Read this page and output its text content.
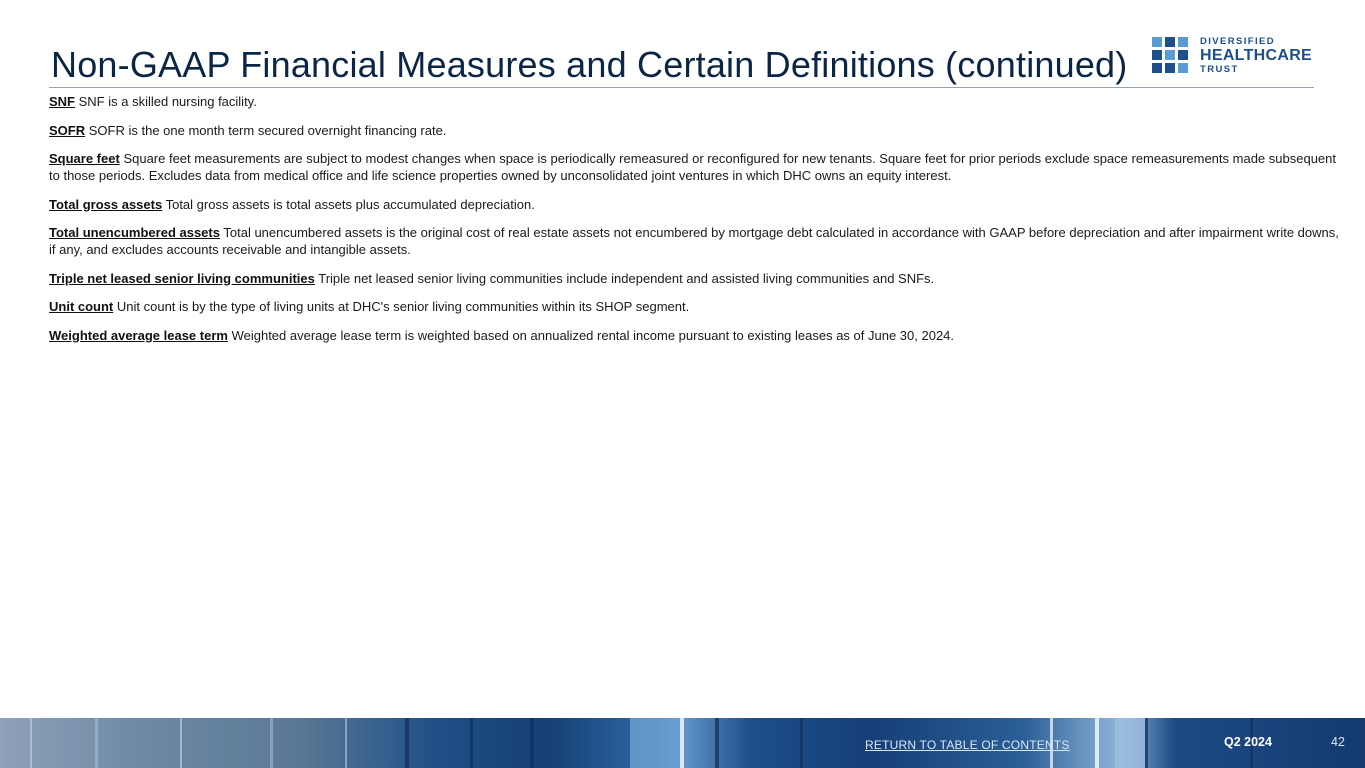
Non-GAAP Financial Measures and Certain Definitions (continued)
DIVERSIFIED
HEALTHCARE
TRUST

SNF SNF is a skilled nursing facility.

SOFR SOFR is the one month term secured overnight financing rate.

Square feet Square feet measurements are subject to modest changes when space is periodically remeasured or reconfigured for new tenants. Square feet for prior periods exclude space remeasurements made subsequent to those periods. Excludes data from medical office and life science properties owned by unconsolidated joint ventures in which DHC owns an equity interest.

Total gross assets Total gross assets is total assets plus accumulated depreciation.

Total unencumbered assets Total unencumbered assets is the original cost of real estate assets not encumbered by mortgage debt calculated in accordance with GAAP before depreciation and after impairment write downs, if any, and excludes accounts receivable and intangible assets.

Triple net leased senior living communities Triple net leased senior living communities include independent and assisted living communities and SNFs.

Unit count Unit count is by the type of living units at DHC's senior living communities within its SHOP segment.

Weighted average lease term Weighted average lease term is weighted based on annualized rental income pursuant to existing leases as of June 30, 2024.

RETURN TO TABLE OF CONTENTS	Q2 2024	42
